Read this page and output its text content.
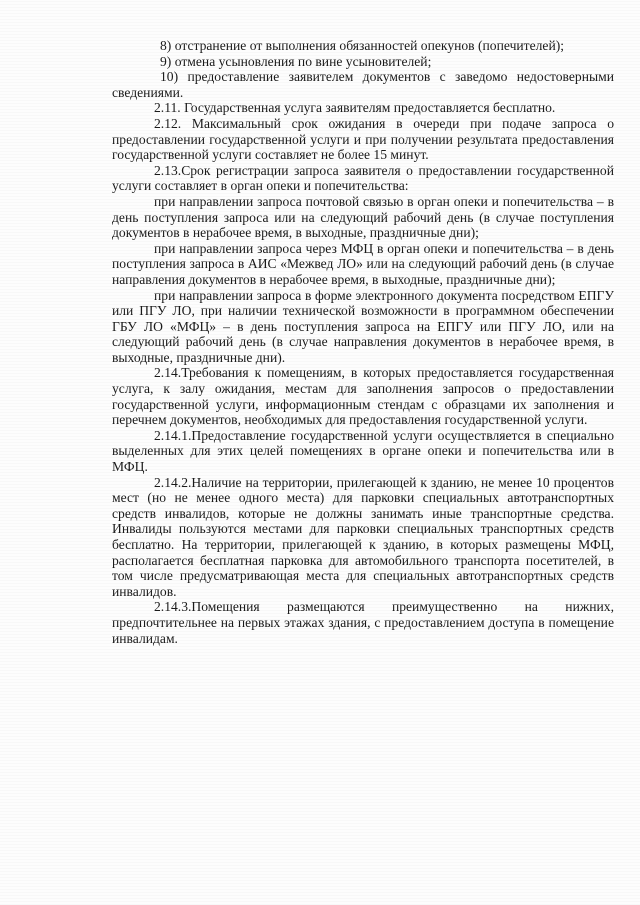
8) отстранение от выполнения обязанностей опекунов (попечителей);

9) отмена усыновления по вине усыновителей;

10) предоставление заявителем документов с заведомо недостоверными сведениями.

2.11. Государственная услуга заявителям предоставляется бесплатно.

2.12. Максимальный срок ожидания в очереди при подаче запроса о предоставлении государственной услуги и при получении результата предоставления государственной услуги составляет не более 15 минут.

2.13.Срок регистрации запроса заявителя о предоставлении государственной услуги составляет в орган опеки и попечительства:

при направлении запроса почтовой связью в орган опеки и попечительства – в день поступления запроса или на следующий рабочий день (в случае поступления документов в нерабочее время, в выходные, праздничные дни);

при направлении запроса через МФЦ в орган опеки и попечительства – в день поступления запроса в АИС «Межвед ЛО» или на следующий рабочий день (в случае направления документов в нерабочее время, в выходные, праздничные дни);

при направлении запроса в форме электронного документа посредством ЕПГУ или ПГУ ЛО, при наличии технической возможности в программном обеспечении ГБУ ЛО «МФЦ» – в день поступления запроса на ЕПГУ или ПГУ ЛО, или на следующий рабочий день (в случае направления документов в нерабочее время, в выходные, праздничные дни).

2.14.Требования к помещениям, в которых предоставляется государственная услуга, к залу ожидания, местам для заполнения запросов о предоставлении государственной услуги, информационным стендам с образцами их заполнения и перечнем документов, необходимых для предоставления государственной услуги.

2.14.1.Предоставление государственной услуги осуществляется в специально выделенных для этих целей помещениях в органе опеки и попечительства или в МФЦ.

2.14.2.Наличие на территории, прилегающей к зданию, не менее 10 процентов мест (но не менее одного места) для парковки специальных автотранспортных средств инвалидов, которые не должны занимать иные транспортные средства. Инвалиды пользуются местами для парковки специальных транспортных средств бесплатно. На территории, прилегающей к зданию, в которых размещены МФЦ, располагается бесплатная парковка для автомобильного транспорта посетителей, в том числе предусматривающая места для специальных автотранспортных средств инвалидов.

2.14.3.Помещения размещаются преимущественно на нижних, предпочтительнее на первых этажах здания, с предоставлением доступа в помещение инвалидам.
